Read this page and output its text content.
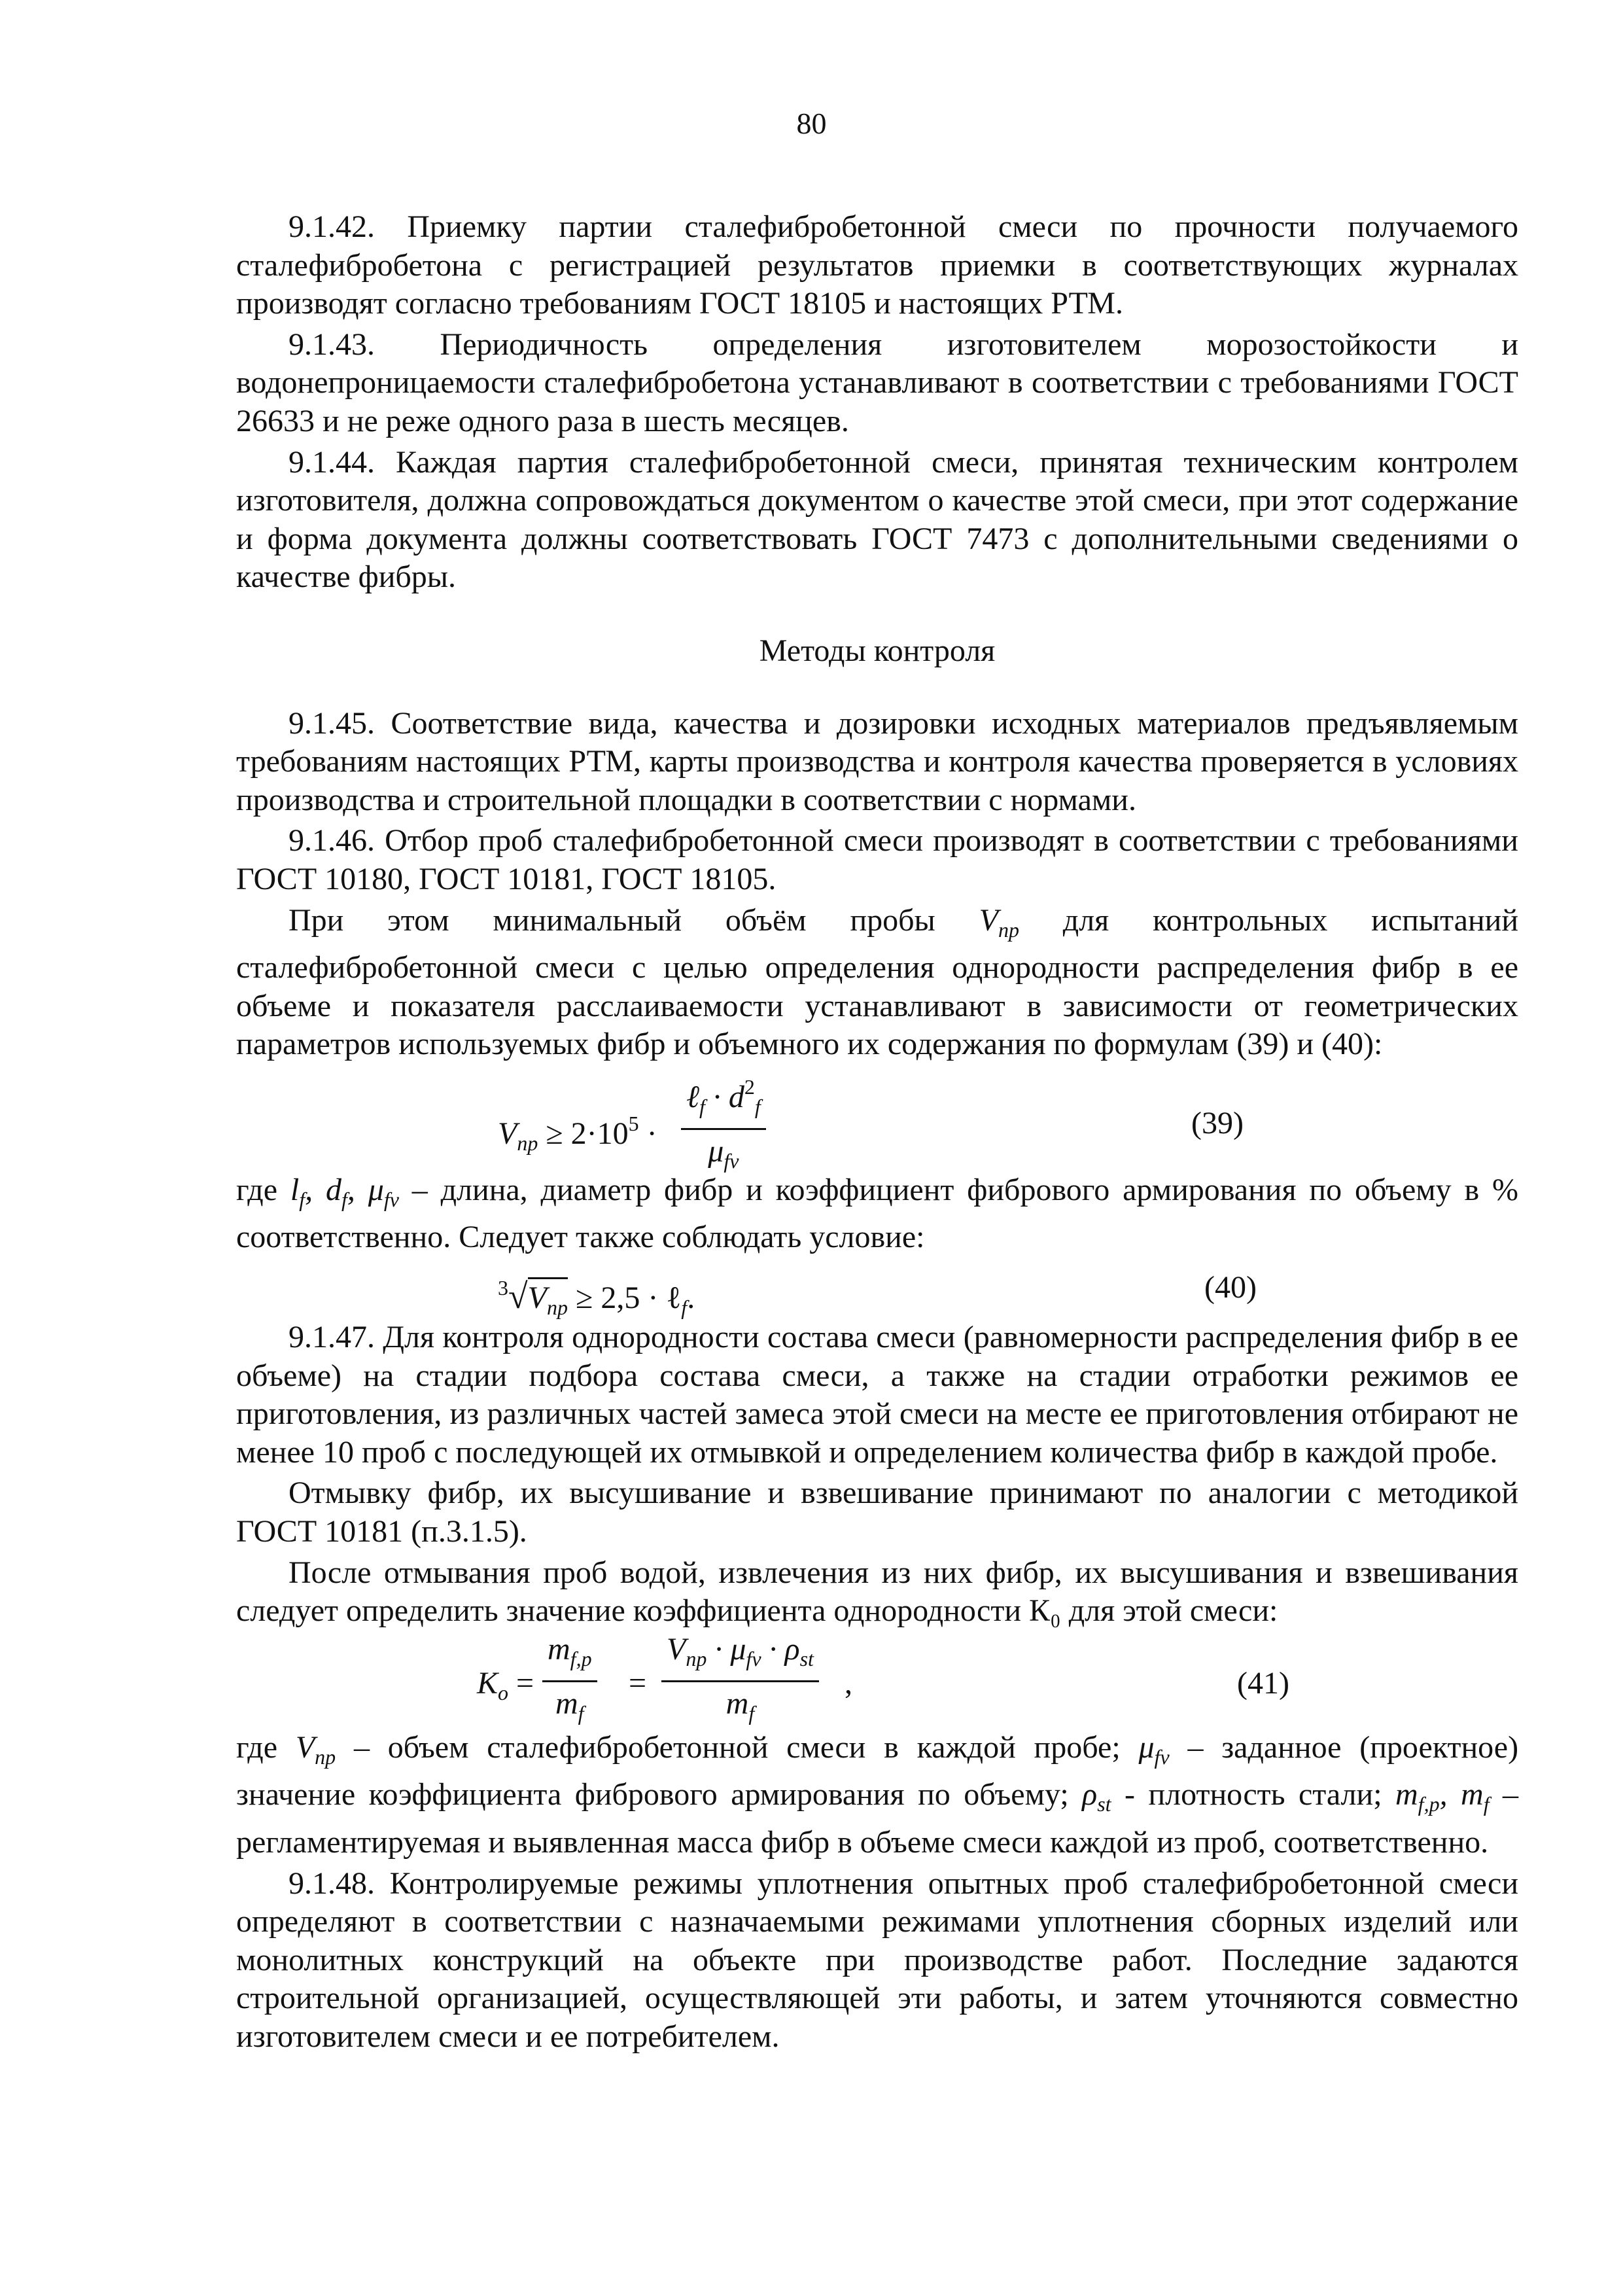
80

9.1.42. Приемку партии сталефибробетонной смеси по прочности получаемого сталефибробетона с регистрацией результатов приемки в соответствующих журналах производят согласно требованиям ГОСТ 18105 и настоящих РТМ.

9.1.43. Периодичность определения изготовителем морозостойкости и водонепроницаемости сталефибробетона устанавливают в соответствии с требованиями ГОСТ 26633 и не реже одного раза в шесть месяцев.

9.1.44. Каждая партия сталефибробетонной смеси, принятая техническим контролем изготовителя, должна сопровождаться документом о качестве этой смеси, при этот содержание и форма документа должны соответствовать ГОСТ 7473 с дополнительными сведениями о качестве фибры.

Методы контроля

9.1.45. Соответствие вида, качества и дозировки исходных материалов предъявляемым требованиям настоящих РТМ, карты производства и контроля качества проверяется в условиях производства и строительной площадки в соответствии с нормами.

9.1.46. Отбор проб сталефибробетонной смеси производят в соответствии с требованиями ГОСТ 10180, ГОСТ 10181, ГОСТ 18105.

При этом минимальный объём пробы $V_{np}$ для контрольных испытаний сталефибробетонной смеси с целью определения однородности распределения фибр в ее объеме и показателя расслаиваемости устанавливают в зависимости от геометрических параметров используемых фибр и объемного их содержания по формулам (39) и (40):

$V_{np} \ge 2\cdot 10^5$ ·
ℓ$_f$ · $d^2_f$
$\mu_{fv}$
(39)

где $l_f$, $d_f$, $\mu_{fv}$ – длина, диаметр фибр и коэффициент фибрового армирования по объему в % соответственно. Следует также соблюдать условие:

$^3√V_{np} \ge 2,5$ · ℓ$_f$.	(40)

9.1.47. Для контроля однородности состава смеси (равномерности распределения фибр в ее объеме) на стадии подбора состава смеси, а также на стадии отработки режимов ее приготовления, из различных частей замеса этой смеси на месте ее приготовления отбирают не менее 10 проб с последующей их отмывкой и определением количества фибр в каждой пробе.

Отмывку фибр, их высушивание и взвешивание принимают по аналогии с методикой ГОСТ 10181 (п.3.1.5).

После отмывания проб водой, извлечения из них фибр, их высушивания и взвешивания следует определить значение коэффициента однородности К₀ для этой смеси:

$K_o = \frac{m_{f,p}}{m_f}$ =
$V_{np} \cdot \mu_{fv} \cdot \rho_{st}$
$m_f$
,	(41)

где $V_{np}$ – объем сталефибробетонной смеси в каждой пробе; $\mu_{fv}$ – заданное (проектное) значение коэффициента фибрового армирования по объему; $\rho_{st}$ - плотность стали; $m_{f,p}$, $m_f$ – регламентируемая и выявленная масса фибр в объеме смеси каждой из проб, соответственно.

9.1.48. Контролируемые режимы уплотнения опытных проб сталефибробетонной смеси определяют в соответствии с назначаемыми режимами уплотнения сборных изделий или монолитных конструкций на объекте при производстве работ. Последние задаются строительной организацией, осуществляющей эти работы, и затем уточняются совместно изготовителем смеси и ее потребителем.
